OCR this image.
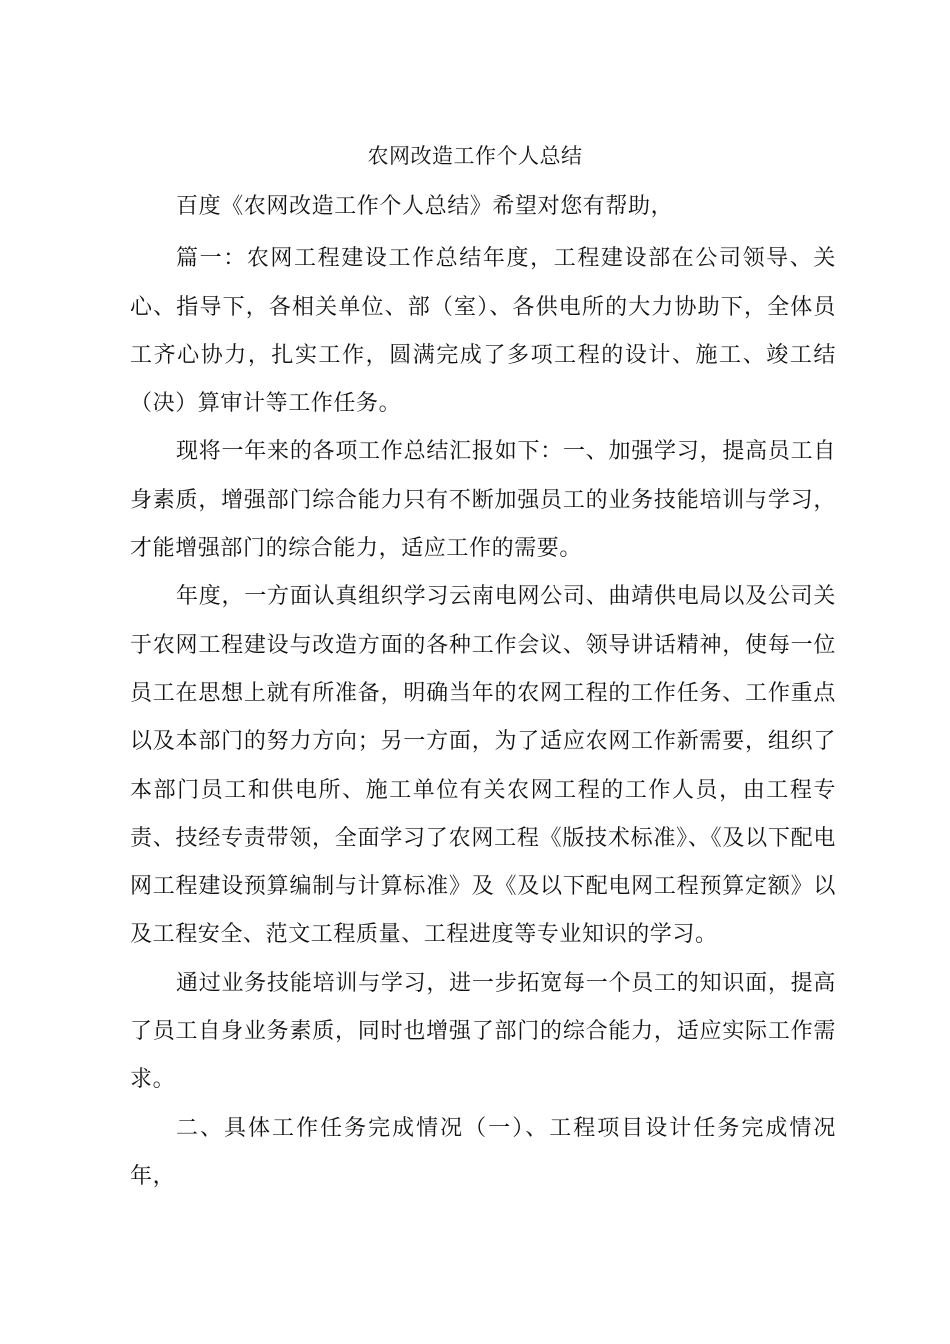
农网改造工作个人总结

百度《农网改造工作个人总结》希望对您有帮助，

篇一：农网工程建设工作总结年度，工程建设部在公司领导、关心、指导下，各相关单位、部（室）、各供电所的大力协助下，全体员工齐心协力，扎实工作，圆满完成了多项工程的设计、施工、竣工结（决）算审计等工作任务。

现将一年来的各项工作总结汇报如下：一、加强学习，提高员工自身素质，增强部门综合能力只有不断加强员工的业务技能培训与学习，才能增强部门的综合能力，适应工作的需要。

年度，一方面认真组织学习云南电网公司、曲靖供电局以及公司关于农网工程建设与改造方面的各种工作会议、领导讲话精神，使每一位员工在思想上就有所准备，明确当年的农网工程的工作任务、工作重点以及本部门的努力方向；另一方面，为了适应农网工作新需要，组织了本部门员工和供电所、施工单位有关农网工程的工作人员，由工程专责、技经专责带领，全面学习了农网工程《版技术标准》、《及以下配电网工程建设预算编制与计算标准》及《及以下配电网工程预算定额》以及工程安全、范文工程质量、工程进度等专业知识的学习。

通过业务技能培训与学习，进一步拓宽每一个员工的知识面，提高了员工自身业务素质，同时也增强了部门的综合能力，适应实际工作需求。

二、具体工作任务完成情况（一）、工程项目设计任务完成情况年，
